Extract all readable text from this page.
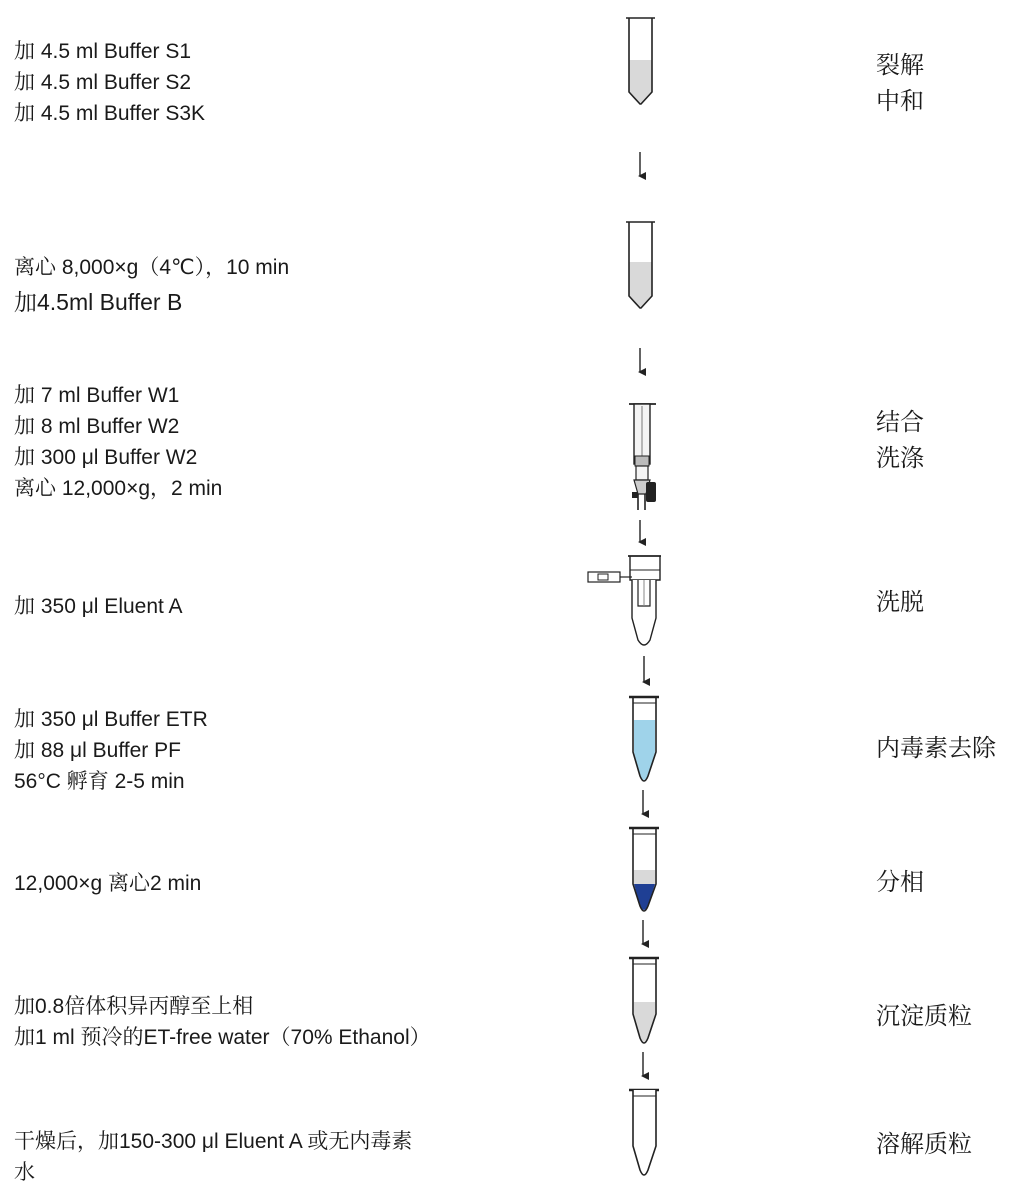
加 4.5 ml Buffer S1
加 4.5 ml Buffer S2
加 4.5 ml Buffer S3K
离心 8,000×g（4℃），10 min
加4.5ml Buffer B
加 7 ml Buffer W1
加 8 ml Buffer W2
加 300 μl Buffer W2
离心 12,000×g，2 min
加 350 μl Eluent A
加 350 μl Buffer ETR
加 88 μl Buffer PF
56°C 孵育 2-5 min
12,000×g 离心2 min
加0.8倍体积异丙醇至上相
加1 ml 预冷的ET-free water（70% Ethanol）
干燥后，加150-300 μl Eluent A 或无内毒素
水
裂解
中和
结合
洗涤
洗脱
内毒素去除
分相
沉淀质粒
溶解质粒
